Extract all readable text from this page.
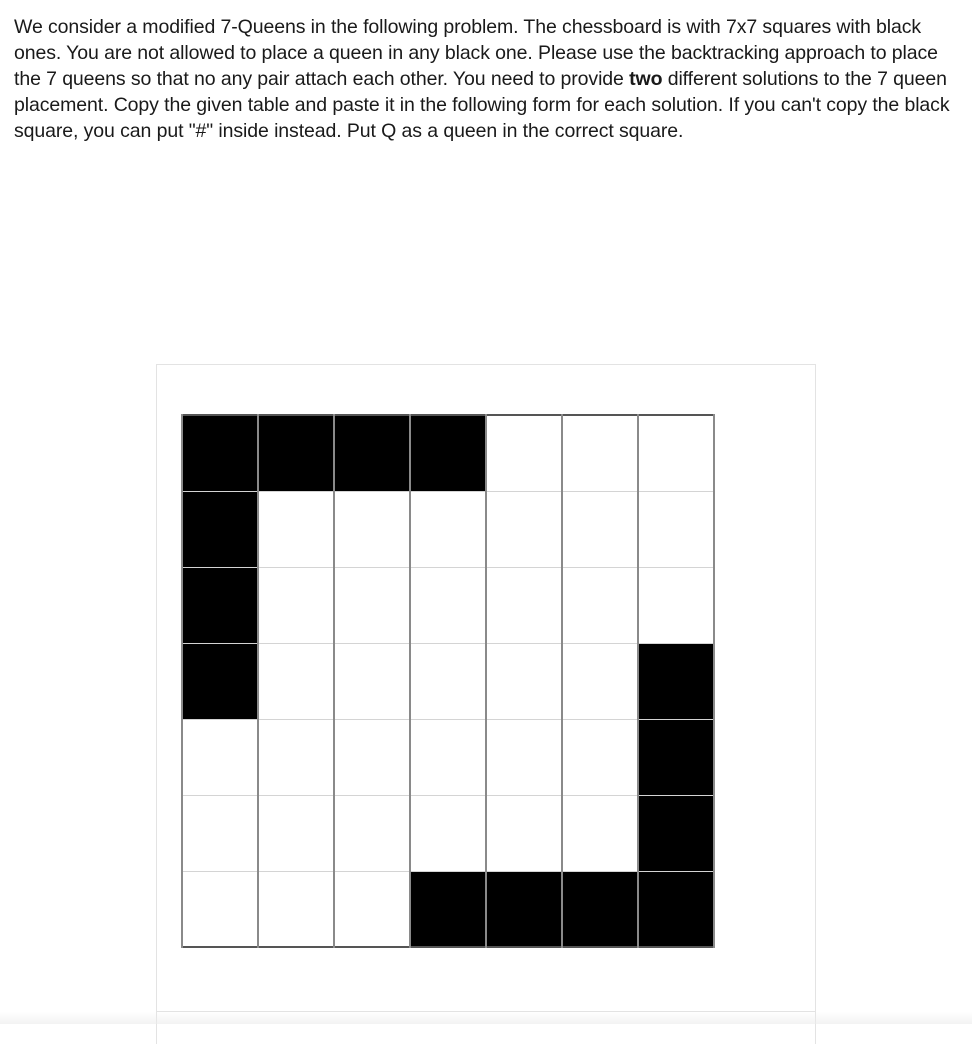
We consider a modified 7-Queens in the following problem. The chessboard is with 7x7 squares with black ones. You are not allowed to place a queen in any black one. Please use the backtracking approach to place the 7 queens so that no any pair attach each other. You need to provide two different solutions to the 7 queen placement. Copy the given table and paste it in the following form for each solution. If you can't copy the black square, you can put "#" inside instead. Put Q as a queen in the correct square.
